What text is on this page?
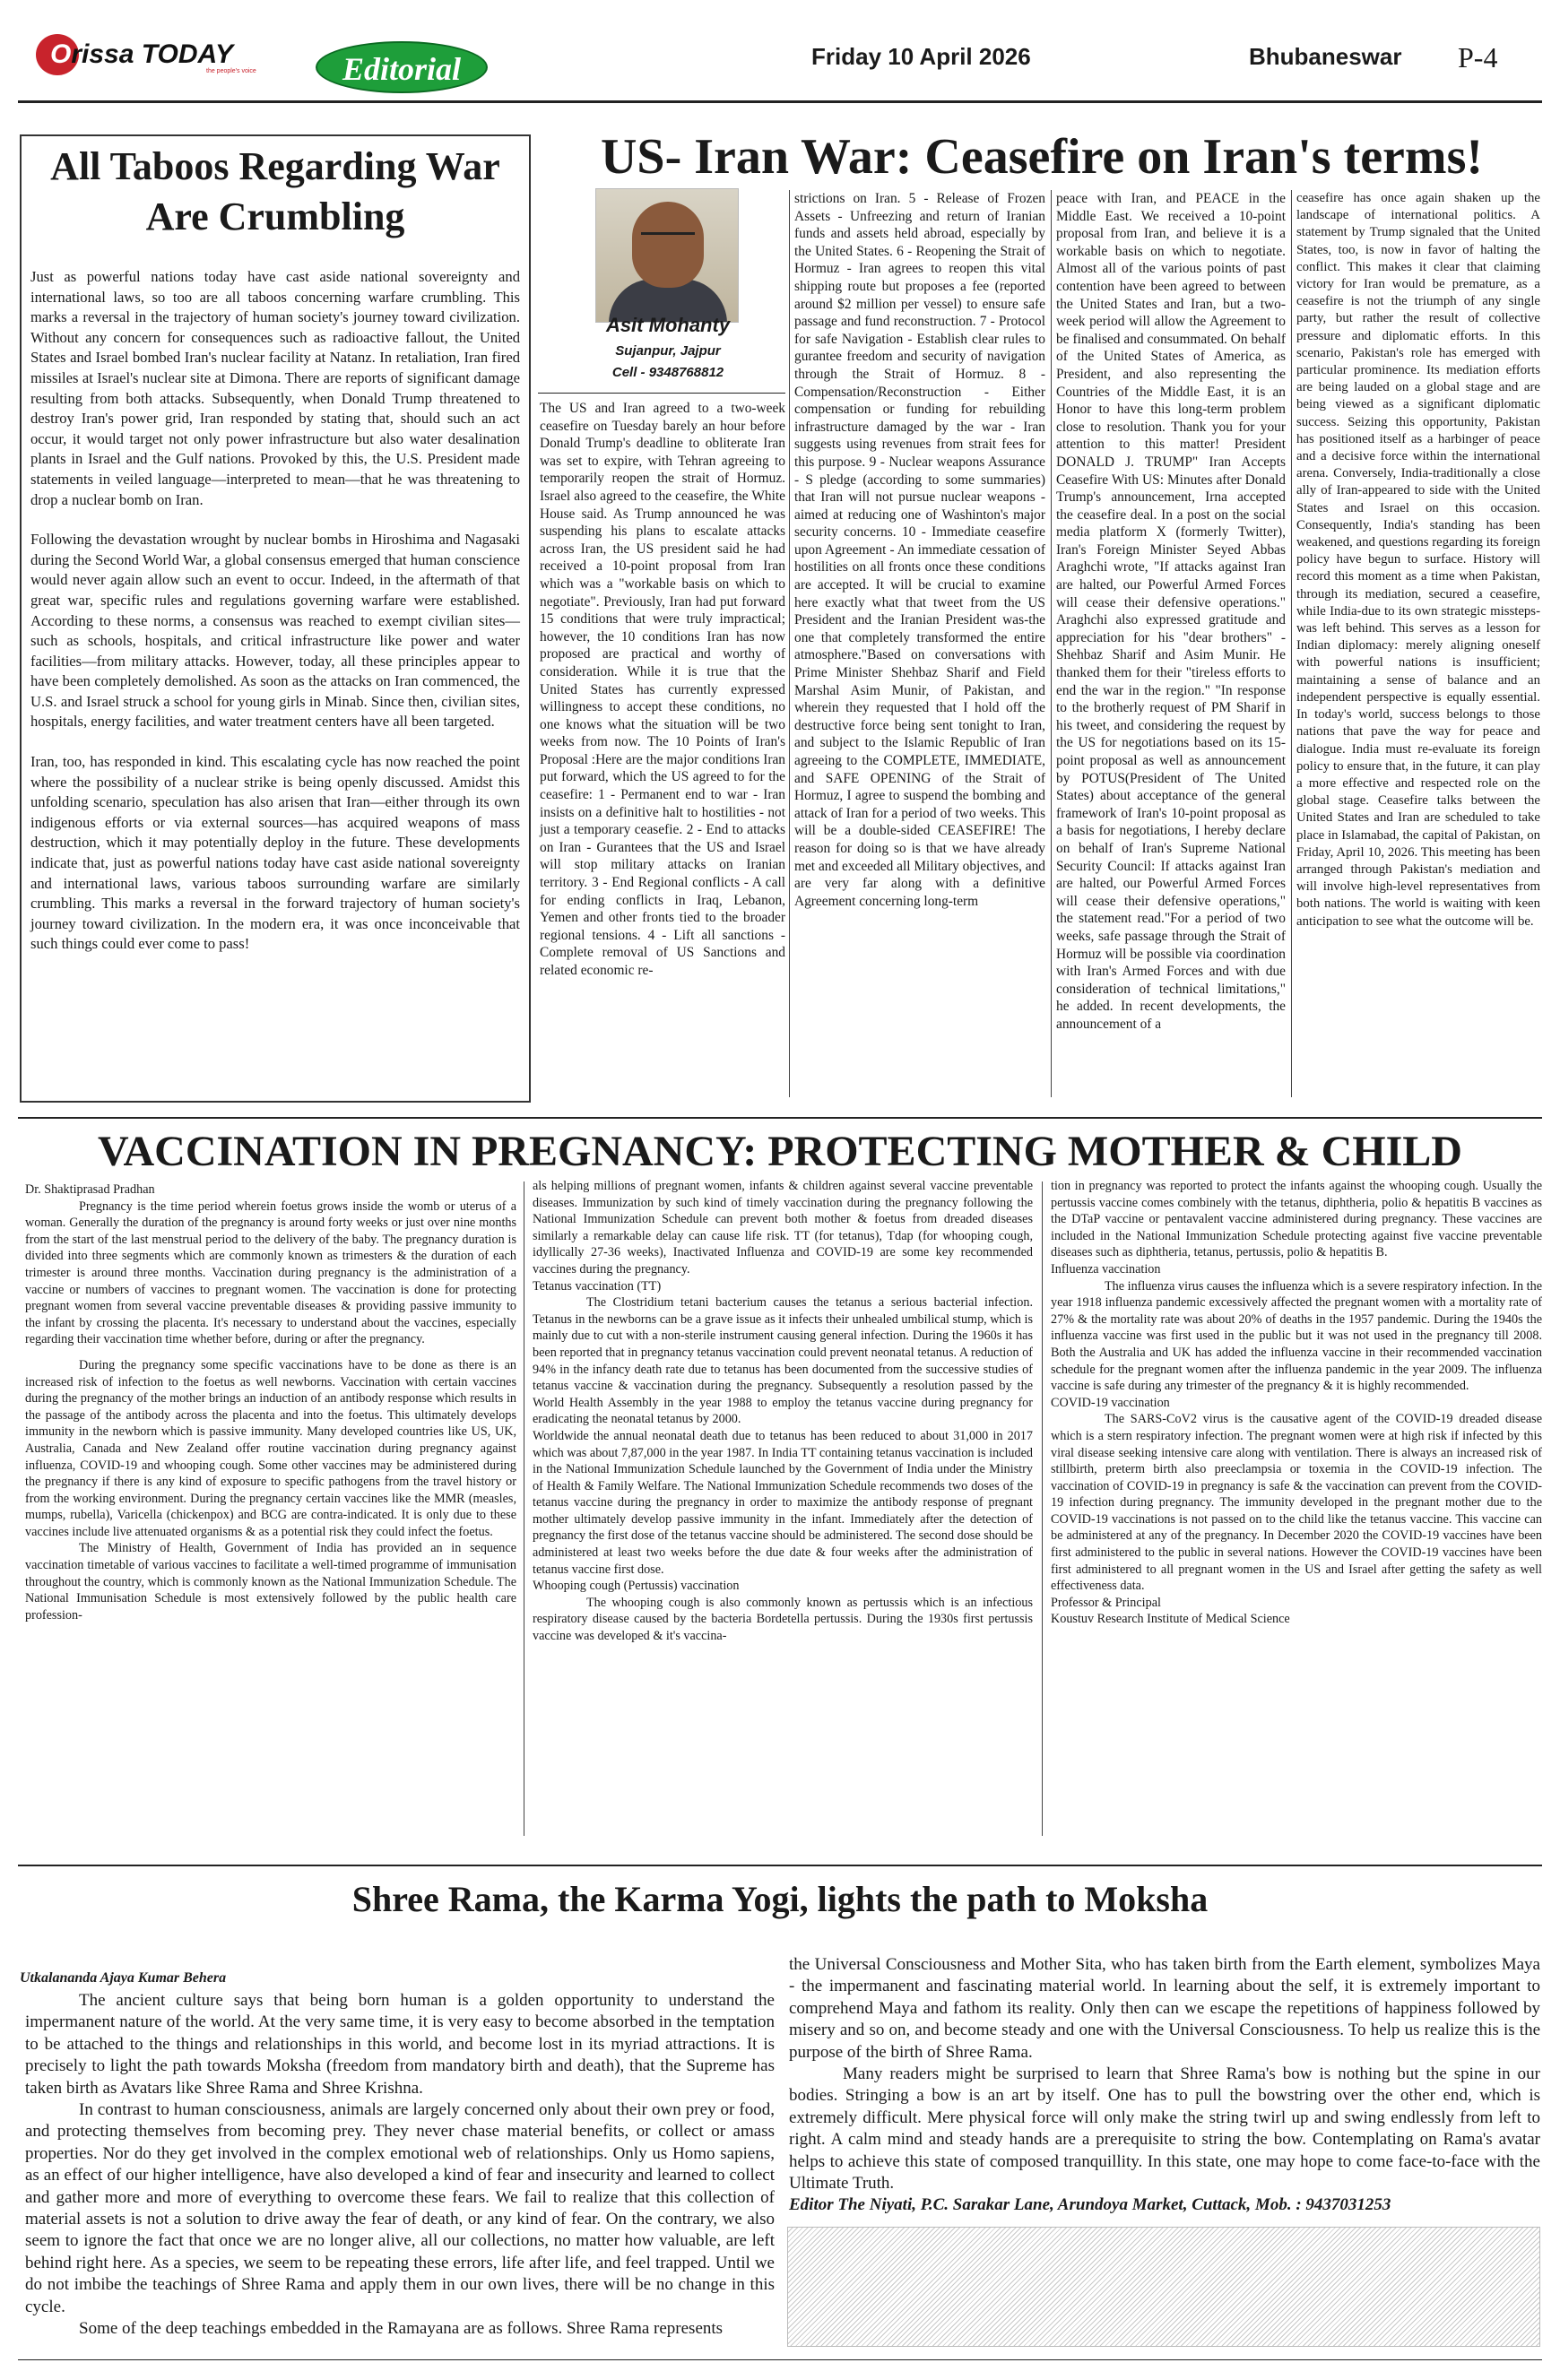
Orissa TODAY
the people's voice	Editorial	Friday 10 April 2026	Bhubaneswar P-4
All Taboos Regarding War Are Crumbling

Just as powerful nations today have cast aside national sovereignty and international laws, so too are all taboos concerning warfare crumbling. This marks a reversal in the trajectory of human society's journey toward civilization. Without any concern for consequences such as radioactive fallout, the United States and Israel bombed Iran's nuclear facility at Natanz. In retaliation, Iran fired missiles at Israel's nuclear site at Dimona. There are reports of significant damage resulting from both attacks. Subsequently, when Donald Trump threatened to destroy Iran's power grid, Iran responded by stating that, should such an act occur, it would target not only power infrastructure but also water desalination plants in Israel and the Gulf nations. Provoked by this, the U.S. President made statements in veiled language—interpreted to mean—that he was threatening to drop a nuclear bomb on Iran.

Following the devastation wrought by nuclear bombs in Hiroshima and Nagasaki during the Second World War, a global consensus emerged that human conscience would never again allow such an event to occur. Indeed, in the aftermath of that great war, specific rules and regulations governing warfare were established. According to these norms, a consensus was reached to exempt civilian sites—such as schools, hospitals, and critical infrastructure like power and water facilities—from military attacks. However, today, all these principles appear to have been completely demolished. As soon as the attacks on Iran commenced, the U.S. and Israel struck a school for young girls in Minab. Since then, civilian sites, hospitals, energy facilities, and water treatment centers have all been targeted.

Iran, too, has responded in kind. This escalating cycle has now reached the point where the possibility of a nuclear strike is being openly discussed. Amidst this unfolding scenario, speculation has also arisen that Iran—either through its own indigenous efforts or via external sources—has acquired weapons of mass destruction, which it may potentially deploy in the future. These developments indicate that, just as powerful nations today have cast aside national sovereignty and international laws, various taboos surrounding warfare are similarly crumbling. This marks a reversal in the forward trajectory of human society's journey toward civilization. In the modern era, it was once inconceivable that such things could ever come to pass!

US- Iran War: Ceasefire on Iran's terms!
Asit Mohanty
Sujanpur, Jajpur
Cell - 9348768812
The US and Iran agreed to a two-week ceasefire on Tuesday barely an hour before Donald Trump's deadline to obliterate Iran was set to expire, with Tehran agreeing to temporarily reopen the strait of Hormuz. Israel also agreed to the ceasefire, the White House said. As Trump announced he was suspending his plans to escalate attacks across Iran, the US president said he had received a 10-point proposal from Iran which was a "workable basis on which to negotiate". Previously, Iran had put forward 15 conditions that were truly impractical; however, the 10 conditions Iran has now proposed are practical and worthy of consideration. While it is true that the United States has currently expressed willingness to accept these conditions, no one knows what the situation will be two weeks from now. The 10 Points of Iran's Proposal :Here are the major conditions Iran put forward, which the US agreed to for the ceasefire: 1 - Permanent end to war - Iran insists on a definitive halt to hostilities - not just a temporary ceasefie. 2 - End to attacks on Iran - Gurantees that the US and Israel will stop military attacks on Iranian territory. 3 - End Regional conflicts - A call for ending conflicts in Iraq, Lebanon, Yemen and other fronts tied to the broader regional tensions. 4 - Lift all sanctions - Complete removal of US Sanctions and related economic re-
strictions on Iran. 5 - Release of Frozen Assets - Unfreezing and return of Iranian funds and assets held abroad, especially by the United States. 6 - Reopening the Strait of Hormuz - Iran agrees to reopen this vital shipping route but proposes a fee (reported around $2 million per vessel) to ensure safe passage and fund reconstruction. 7 - Protocol for safe Navigation - Establish clear rules to gurantee freedom and security of navigation through the Strait of Hormuz. 8 - Compensation/Reconstruction - Either compensation or funding for rebuilding infrastructure damaged by the war - Iran suggests using revenues from strait fees for this purpose. 9 - Nuclear weapons Assurance - S pledge (according to some summaries) that Iran will not pursue nuclear weapons - aimed at reducing one of Washinton's major security concerns. 10 - Immediate ceasefire upon Agreement - An immediate cessation of hostilities on all fronts once these conditions are accepted. It will be crucial to examine here exactly what that tweet from the US President and the Iranian President was-the one that completely transformed the entire atmosphere."Based on conversations with Prime Minister Shehbaz Sharif and Field Marshal Asim Munir, of Pakistan, and wherein they requested that I hold off the destructive force being sent tonight to Iran, and subject to the Islamic Republic of Iran agreeing to the COMPLETE, IMMEDIATE, and SAFE OPENING of the Strait of Hormuz, I agree to suspend the bombing and attack of Iran for a period of two weeks. This will be a double-sided CEASEFIRE! The reason for doing so is that we have already met and exceeded all Military objectives, and are very far along with a definitive Agreement concerning long-term
peace with Iran, and PEACE in the Middle East. We received a 10-point proposal from Iran, and believe it is a workable basis on which to negotiate. Almost all of the various points of past contention have been agreed to between the United States and Iran, but a two-week period will allow the Agreement to be finalised and consummated. On behalf of the United States of America, as President, and also representing the Countries of the Middle East, it is an Honor to have this long-term problem close to resolution. Thank you for your attention to this matter! President DONALD J. TRUMP" Iran Accepts Ceasefire With US: Minutes after Donald Trump's announcement, Irna accepted the ceasefire deal. In a post on the social media platform X (formerly Twitter), Iran's Foreign Minister Seyed Abbas Araghchi wrote, "If attacks against Iran are halted, our Powerful Armed Forces will cease their defensive operations." Araghchi also expressed gratitude and appreciation for his "dear brothers" - Shehbaz Sharif and Asim Munir. He thanked them for their "tireless efforts to end the war in the region." "In response to the brotherly request of PM Sharif in his tweet, and considering the request by the US for negotiations based on its 15-point proposal as well as announcement by POTUS(President of The United States) about acceptance of the general framework of Iran's 10-point proposal as a basis for negotiations, I hereby declare on behalf of Iran's Supreme National Security Council: If attacks against Iran are halted, our Powerful Armed Forces will cease their defensive operations," the statement read."For a period of two weeks, safe passage through the Strait of Hormuz will be possible via coordination with Iran's Armed Forces and with due consideration of technical limitations," he added. In recent developments, the announcement of a
ceasefire has once again shaken up the landscape of international politics. A statement by Trump signaled that the United States, too, is now in favor of halting the conflict. This makes it clear that claiming victory for Iran would be premature, as a ceasefire is not the triumph of any single party, but rather the result of collective pressure and diplomatic efforts. In this scenario, Pakistan's role has emerged with particular prominence. Its mediation efforts are being lauded on a global stage and are being viewed as a significant diplomatic success. Seizing this opportunity, Pakistan has positioned itself as a harbinger of peace and a decisive force within the international arena. Conversely, India-traditionally a close ally of Iran-appeared to side with the United States and Israel on this occasion. Consequently, India's standing has been weakened, and questions regarding its foreign policy have begun to surface. History will record this moment as a time when Pakistan, through its mediation, secured a ceasefire, while India-due to its own strategic missteps-was left behind. This serves as a lesson for Indian diplomacy: merely aligning oneself with powerful nations is insufficient; maintaining a sense of balance and an independent perspective is equally essential. In today's world, success belongs to those nations that pave the way for peace and dialogue. India must re-evaluate its foreign policy to ensure that, in the future, it can play a more effective and respected role on the global stage. Ceasefire talks between the United States and Iran are scheduled to take place in Islamabad, the capital of Pakistan, on Friday, April 10, 2026. This meeting has been arranged through Pakistan's mediation and will involve high-level representatives from both nations. The world is waiting with keen anticipation to see what the outcome will be.
VACCINATION IN PREGNANCY: PROTECTING MOTHER & CHILD
Dr. Shaktiprasad Pradhan
Pregnancy is the time period wherein foetus grows inside the womb or uterus of a woman. Generally the duration of the pregnancy is around forty weeks or just over nine months from the start of the last menstrual period to the delivery of the baby. The pregnancy duration is divided into three segments which are commonly known as trimesters & the duration of each trimester is around three months. Vaccination during pregnancy is the administration of a vaccine or numbers of vaccines to pregnant women. The vaccination is done for protecting pregnant women from several vaccine preventable diseases & providing passive immunity to the infant by crossing the placenta. It's necessary to understand about the vaccines, especially regarding their vaccination time whether before, during or after the pregnancy.
During the pregnancy some specific vaccinations have to be done as there is an increased risk of infection to the foetus as well newborns. Vaccination with certain vaccines during the pregnancy of the mother brings an induction of an antibody response which results in the passage of the antibody across the placenta and into the foetus. This ultimately develops immunity in the newborn which is passive immunity. Many developed countries like US, UK, Australia, Canada and New Zealand offer routine vaccination during pregnancy against influenza, COVID-19 and whooping cough. Some other vaccines may be administered during the pregnancy if there is any kind of exposure to specific pathogens from the travel history or from the working environment. During the pregnancy certain vaccines like the MMR (measles, mumps, rubella), Varicella (chickenpox) and BCG are contra-indicated. It is only due to these vaccines include live attenuated organisms & as a potential risk they could infect the foetus.
The Ministry of Health, Government of India has provided an in sequence vaccination timetable of various vaccines to facilitate a well-timed programme of immunisation throughout the country, which is commonly known as the National Immunization Schedule. The National Immunisation Schedule is most extensively followed by the public health care profession-
als helping millions of pregnant women, infants & children against several vaccine preventable diseases. Immunization by such kind of timely vaccination during the pregnancy following the National Immunization Schedule can prevent both mother & foetus from dreaded diseases similarly a remarkable delay can cause life risk. TT (for tetanus), Tdap (for whooping cough, idyllically 27-36 weeks), Inactivated Influenza and COVID-19 are some key recommended vaccines during the pregnancy.
Tetanus vaccination (TT)
The Clostridium tetani bacterium causes the tetanus a serious bacterial infection. Tetanus in the newborns can be a grave issue as it infects their unhealed umbilical stump, which is mainly due to cut with a non-sterile instrument causing general infection. During the 1960s it has been reported that in pregnancy tetanus vaccination could prevent neonatal tetanus. A reduction of 94% in the infancy death rate due to tetanus has been documented from the successive studies of tetanus vaccine & vaccination during the pregnancy. Subsequently a resolution passed by the World Health Assembly in the year 1988 to employ the tetanus vaccine during pregnancy for eradicating the neonatal tetanus by 2000.
Worldwide the annual neonatal death due to tetanus has been reduced to about 31,000 in 2017 which was about 7,87,000 in the year 1987. In India TT containing tetanus vaccination is included in the National Immunization Schedule launched by the Government of India under the Ministry of Health & Family Welfare. The National Immunization Schedule recommends two doses of the tetanus vaccine during the pregnancy in order to maximize the antibody response of pregnant mother ultimately develop passive immunity in the infant. Immediately after the detection of pregnancy the first dose of the tetanus vaccine should be administered. The second dose should be administered at least two weeks before the due date & four weeks after the administration of tetanus vaccine first dose.
Whooping cough (Pertussis) vaccination
The whooping cough is also commonly known as pertussis which is an infectious respiratory disease caused by the bacteria Bordetella pertussis. During the 1930s first pertussis vaccine was developed & it's vaccina-
tion in pregnancy was reported to protect the infants against the whooping cough. Usually the pertussis vaccine comes combinely with the tetanus, diphtheria, polio & hepatitis B vaccines as the DTaP vaccine or pentavalent vaccine administered during pregnancy. These vaccines are included in the National Immunization Schedule protecting against five vaccine preventable diseases such as diphtheria, tetanus, pertussis, polio & hepatitis B.
Influenza vaccination
The influenza virus causes the influenza which is a severe respiratory infection. In the year 1918 influenza pandemic excessively affected the pregnant women with a mortality rate of 27% & the mortality rate was about 20% of deaths in the 1957 pandemic. During the 1940s the influenza vaccine was first used in the public but it was not used in the pregnancy till 2008. Both the Australia and UK has added the influenza vaccine in their recommended vaccination schedule for the pregnant women after the influenza pandemic in the year 2009. The influenza vaccine is safe during any trimester of the pregnancy & it is highly recommended.
COVID-19 vaccination
The SARS-CoV2 virus is the causative agent of the COVID-19 dreaded disease which is a stern respiratory infection. The pregnant women were at high risk if infected by this viral disease seeking intensive care along with ventilation. There is always an increased risk of stillbirth, preterm birth also preeclampsia or toxemia in the COVID-19 infection. The vaccination of COVID-19 in pregnancy is safe & the vaccination can prevent from the COVID-19 infection during pregnancy. The immunity developed in the pregnant mother due to the COVID-19 vaccinations is not passed on to the child like the tetanus vaccine. This vaccine can be administered at any of the pregnancy. In December 2020 the COVID-19 vaccines have been first administered to the public in several nations. However the COVID-19 vaccines have been first administered to all pregnant women in the US and Israel after getting the safety as well effectiveness data.
Professor & Principal
Koustuv Research Institute of Medical Science
Shree Rama, the Karma Yogi, lights the path to Moksha
Utkalananda Ajaya Kumar Behera
The ancient culture says that being born human is a golden opportunity to understand the impermanent nature of the world. At the very same time, it is very easy to become absorbed in the temptation to be attached to the things and relationships in this world, and become lost in its myriad attractions. It is precisely to light the path towards Moksha (freedom from mandatory birth and death), that the Supreme has taken birth as Avatars like Shree Rama and Shree Krishna.
In contrast to human consciousness, animals are largely concerned only about their own prey or food, and protecting themselves from becoming prey. They never chase material benefits, or collect or amass properties. Nor do they get involved in the complex emotional web of relationships. Only us Homo sapiens, as an effect of our higher intelligence, have also developed a kind of fear and insecurity and learned to collect and gather more and more of everything to overcome these fears. We fail to realize that this collection of material assets is not a solution to drive away the fear of death, or any kind of fear. On the contrary, we also seem to ignore the fact that once we are no longer alive, all our collections, no matter how valuable, are left behind right here. As a species, we seem to be repeating these errors, life after life, and feel trapped. Until we do not imbibe the teachings of Shree Rama and apply them in our own lives, there will be no change in this cycle.
Some of the deep teachings embedded in the Ramayana are as follows. Shree Rama represents
the Universal Consciousness and Mother Sita, who has taken birth from the Earth element, symbolizes Maya - the impermanent and fascinating material world. In learning about the self, it is extremely important to comprehend Maya and fathom its reality. Only then can we escape the repetitions of happiness followed by misery and so on, and become steady and one with the Universal Consciousness. To help us realize this is the purpose of the birth of Shree Rama.
Many readers might be surprised to learn that Shree Rama's bow is nothing but the spine in our bodies. Stringing a bow is an art by itself. One has to pull the bowstring over the other end, which is extremely difficult. Mere physical force will only make the string twirl up and swing endlessly from left to right. A calm mind and steady hands are a prerequisite to string the bow. Contemplating on Rama's avatar helps to achieve this state of composed tranquillity. In this state, one may hope to come face-to-face with the Ultimate Truth.
Editor The Niyati, P.C. Sarakar Lane, Arundoya Market, Cuttack, Mob. : 9437031253
